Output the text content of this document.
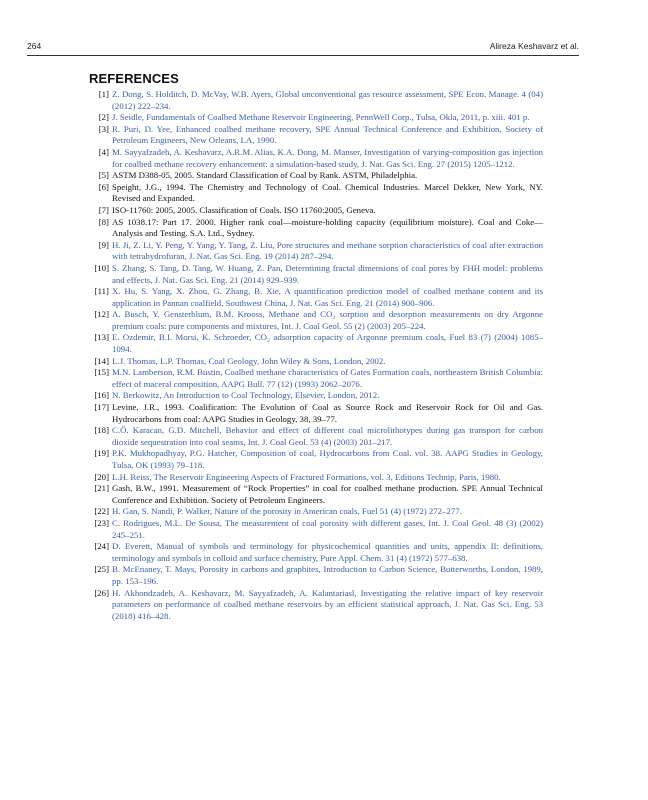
264	Alireza Keshavarz et al.
REFERENCES
[1] Z. Dong, S. Holditch, D. McVay, W.B. Ayers, Global unconventional gas resource assessment, SPE Econ. Manage. 4 (04) (2012) 222–234.
[2] J. Seidle, Fundamentals of Coalbed Methane Reservoir Engineering, PennWell Corp., Tulsa, Okla, 2011, p. xiii. 401 p.
[3] R. Puri, D. Yee, Enhanced coalbed methane recovery, SPE Annual Technical Conference and Exhibition, Society of Petroleum Engineers, New Orleans, LA, 1990.
[4] M. Sayyafzadeh, A. Keshavarz, A.R.M. Alias, K.A. Dong, M. Manser, Investigation of varying-composition gas injection for coalbed methane recovery enhancement: a simulation-based study, J. Nat. Gas Sci. Eng. 27 (2015) 1205–1212.
[5] ASTM D388-05, 2005. Standard Classification of Coal by Rank. ASTM, Philadelphia.
[6] Speight, J.G., 1994. The Chemistry and Technology of Coal. Chemical Industries. Marcel Dekker, New York, NY. Revised and Expanded.
[7] ISO-11760: 2005, 2005. Classification of Coals. ISO 11760:2005, Geneva.
[8] AS 1038.17: Part 17. 2000. Higher rank coal—moisture-holding capacity (equilibrium moisture). Coal and Coke—Analysis and Testing. S.A. Ltd., Sydney.
[9] H. Ji, Z. Li, Y. Peng, Y. Yang, Y. Tang, Z. Liu, Pore structures and methane sorption characteristics of coal after extraction with tetrahydrofuran, J. Nat. Gas Sci. Eng. 19 (2014) 287–294.
[10] S. Zhang, S. Tang, D. Tang, W. Huang, Z. Pan, Determining fractal dimensions of coal pores by FHH model: problems and effects, J. Nat. Gas Sci. Eng. 21 (2014) 929–939.
[11] X. Hu, S. Yang, X. Zhou, G. Zhang, B. Xie, A quantification prediction model of coalbed methane content and its application in Pannan coalfield, Southwest China, J. Nat. Gas Sci. Eng. 21 (2014) 900–906.
[12] A. Busch, Y. Gensterblum, B.M. Krooss, Methane and CO₂ sorption and desorption measurements on dry Argonne premium coals: pure components and mixtures, Int. J. Coal Geol. 55 (2) (2003) 205–224.
[13] E. Ozdemir, B.I. Morsi, K. Schroeder, CO₂ adsorption capacity of Argonne premium coals, Fuel 83 (7) (2004) 1085–1094.
[14] L.J. Thomas, L.P. Thomas, Coal Geology, John Wiley & Sons, London, 2002.
[15] M.N. Lamberson, R.M. Bustin, Coalbed methane characteristics of Gates Formation coals, northeastern British Columbia: effect of maceral composition, AAPG Bull. 77 (12) (1993) 2062–2076.
[16] N. Berkowitz, An Introduction to Coal Technology, Elsevier, London, 2012.
[17] Levine, J.R., 1993. Coalification: The Evolution of Coal as Source Rock and Reservoir Rock for Oil and Gas. Hydrocarbons from coal: AAPG Studies in Geology, 38, 39–77.
[18] C.Ö. Karacan, G.D. Mitchell, Behavior and effect of different coal microlithotypes during gas transport for carbon dioxide sequestration into coal seams, Int. J. Coal Geol. 53 (4) (2003) 201–217.
[19] P.K. Mukhopadhyay, P.G. Hatcher, Composition of coal, Hydrocarbons from Coal. vol. 38. AAPG Studies in Geology, Tulsa, OK (1993) 79–118.
[20] L.H. Reiss, The Reservoir Engineering Aspects of Fractured Formations, vol. 3, Editions Technip, Paris, 1980.
[21] Gash, B.W., 1991. Measurement of “Rock Properties” in coal for coalbed methane production. SPE Annual Technical Conference and Exhibition. Society of Petroleum Engineers.
[22] H. Gan, S. Nandi, P. Walker, Nature of the porosity in American coals, Fuel 51 (4) (1972) 272–277.
[23] C. Rodrigues, M.L. De Sousa, The measurement of coal porosity with different gases, Int. J. Coal Geol. 48 (3) (2002) 245–251.
[24] D. Everett, Manual of symbols and terminology for physicochemical quantities and units, appendix II: definitions, terminology and symbols in colloid and surface chemistry, Pure Appl. Chem. 31 (4) (1972) 577–638.
[25] B. McEnaney, T. Mays, Porosity in carbons and graphites, Introduction to Carbon Science, Butterworths, London, 1989, pp. 153–196.
[26] H. Akhondzadeh, A. Keshavarz, M. Sayyafzadeh, A. Kalantariasl, Investigating the relative impact of key reservoir parameters on performance of coalbed methane reservoirs by an efficient statistical approach, J. Nat. Gas Sci. Eng. 53 (2018) 416–428.
